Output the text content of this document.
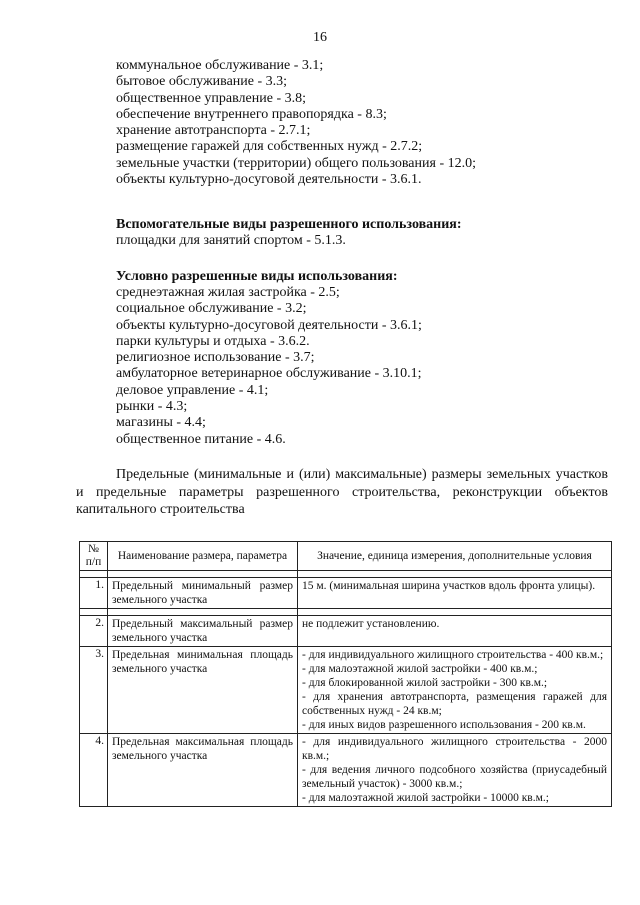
16
коммунальное обслуживание - 3.1;
бытовое обслуживание - 3.3;
общественное управление - 3.8;
обеспечение внутреннего правопорядка - 8.3;
хранение автотранспорта - 2.7.1;
размещение гаражей для собственных нужд - 2.7.2;
земельные участки (территории) общего пользования - 12.0;
объекты культурно-досуговой деятельности - 3.6.1.
Вспомогательные виды разрешенного использования:
площадки для занятий спортом - 5.1.3.
Условно разрешенные виды использования:
среднеэтажная жилая застройка - 2.5;
социальное обслуживание - 3.2;
объекты культурно-досуговой деятельности - 3.6.1;
парки культуры и отдыха - 3.6.2.
религиозное использование - 3.7;
амбулаторное ветеринарное обслуживание - 3.10.1;
деловое управление - 4.1;
рынки - 4.3;
магазины - 4.4;
общественное питание - 4.6.
Предельные (минимальные и (или) максимальные) размеры земельных участков и предельные параметры разрешенного строительства, реконструкции объектов капитального строительства
№ п/п	Наименование размера, параметра	Значение, единица измерения, дополнительные условия

1.	Предельный минимальный размер земельного участка	15 м. (минимальная ширина участков вдоль фронта улицы).

2.	Предельный максимальный размер земельного участка	не подлежит установлению.

3.	Предельная минимальная площадь земельного участка	- для индивидуального жилищного строительства - 400 кв.м.;
- для малоэтажной жилой застройки - 400 кв.м.;
- для блокированной жилой застройки - 300 кв.м.;
- для хранения автотранспорта, размещения гаражей для собственных нужд - 24 кв.м;
- для иных видов разрешенного использования - 200 кв.м.

4.	Предельная максимальная площадь земельного участка	- для индивидуального жилищного строительства - 2000 кв.м.;
- для ведения личного подсобного хозяйства (приусадебный земельный участок) - 3000 кв.м.;
- для малоэтажной жилой застройки - 10000 кв.м.;
